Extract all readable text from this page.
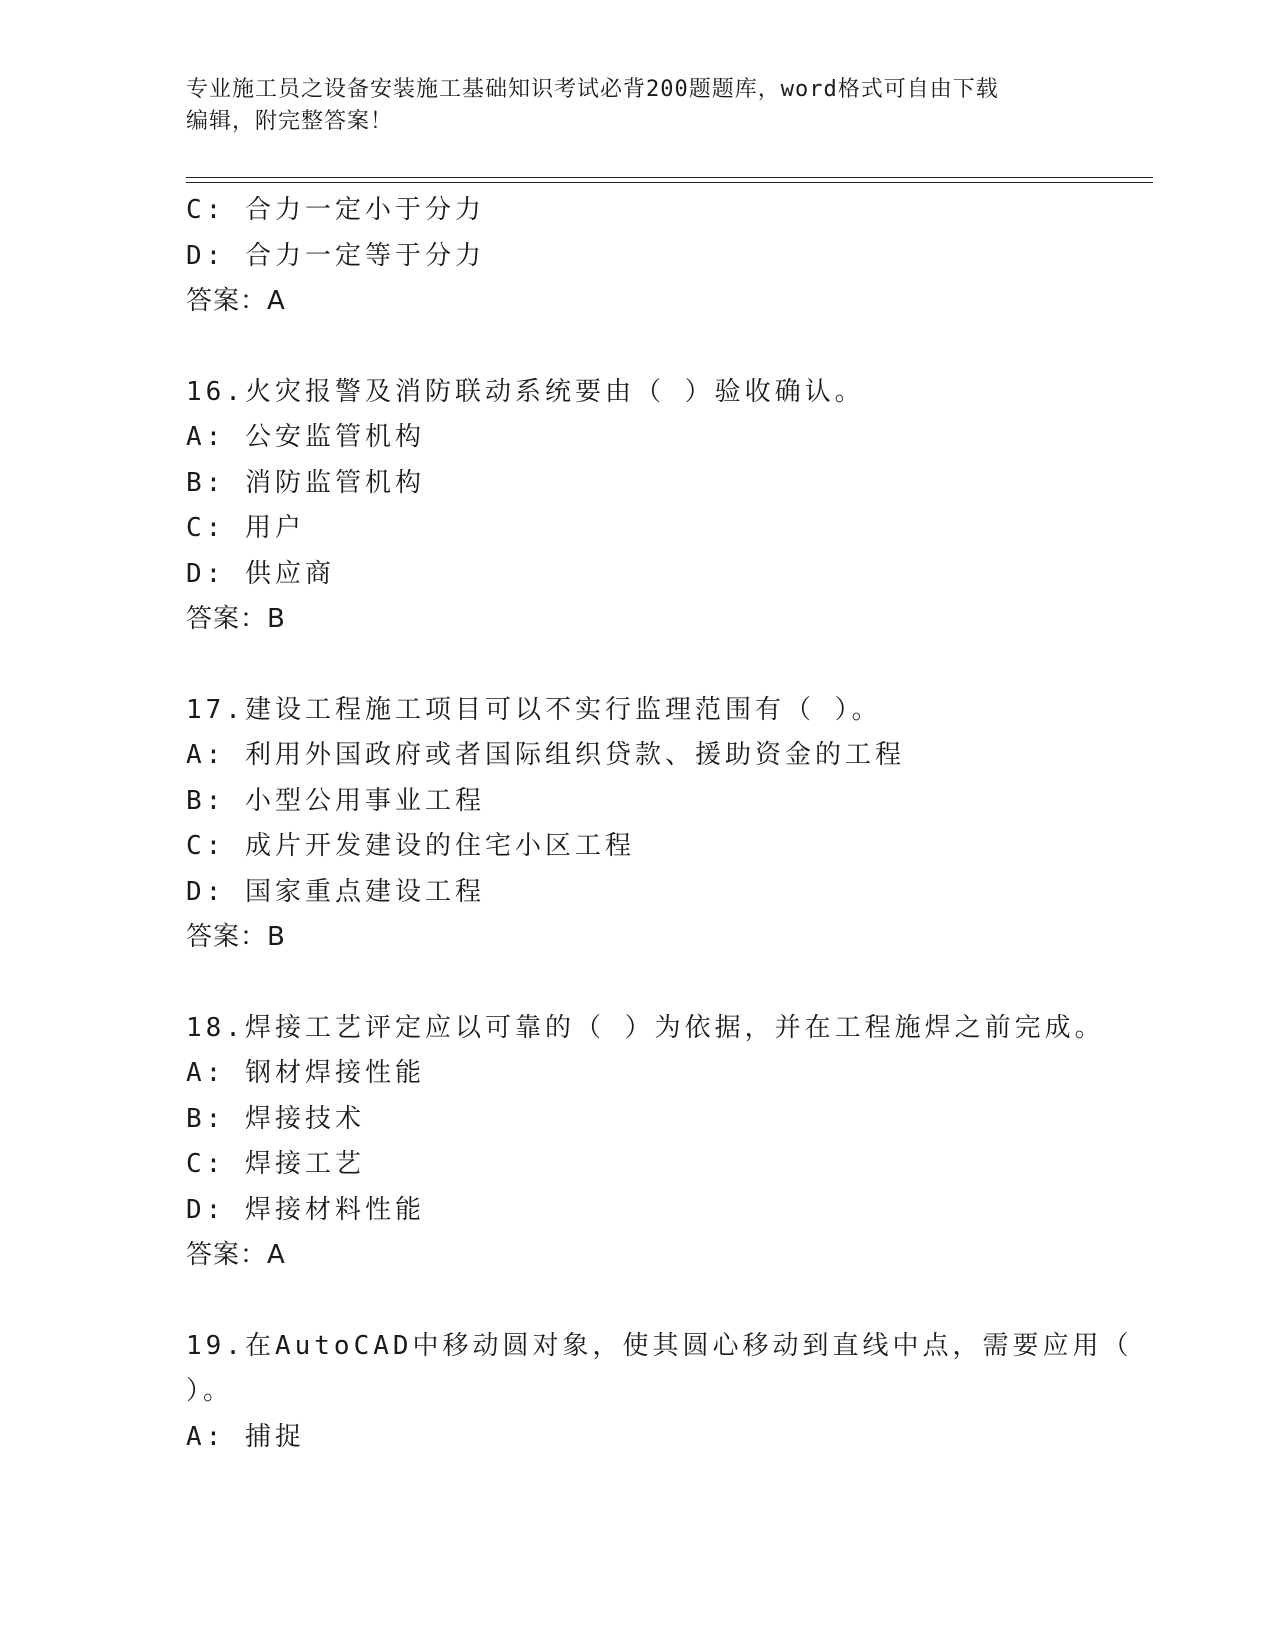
专业施工员之设备安装施工基础知识考试必背200题题库，word格式可自由下载
编辑，附完整答案！
C: 合力一定小于分力
D: 合力一定等于分力
答案：A
16.火灾报警及消防联动系统要由（ ）验收确认。
A: 公安监管机构
B: 消防监管机构
C: 用户
D: 供应商
答案：B
17.建设工程施工项目可以不实行监理范围有（ ）。
A: 利用外国政府或者国际组织贷款、援助资金的工程
B: 小型公用事业工程
C: 成片开发建设的住宅小区工程
D: 国家重点建设工程
答案：B
18.焊接工艺评定应以可靠的（ ）为依据，并在工程施焊之前完成。
A: 钢材焊接性能
B: 焊接技术
C: 焊接工艺
D: 焊接材料性能
答案：A
19.在AutoCAD中移动圆对象，使其圆心移动到直线中点，需要应用（
）。
A: 捕捉
